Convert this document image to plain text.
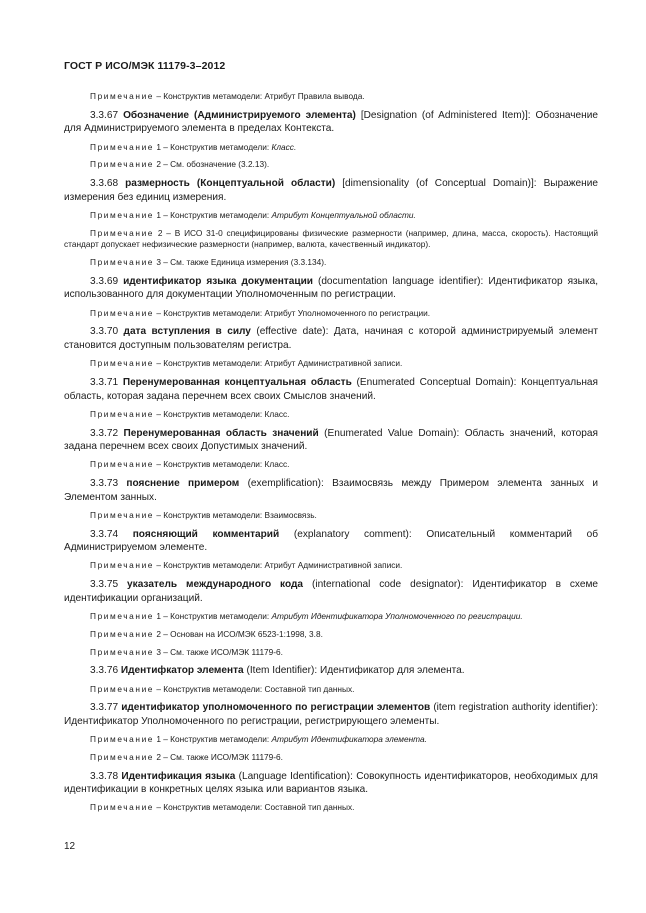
ГОСТ Р ИСО/МЭК 11179-3–2012

Примечание – Конструктив метамодели: Атрибут Правила вывода.

3.3.67 Обозначение (Администрируемого элемента) [Designation (of Administered Item)]: Обозначение для Администрируемого элемента в пределах Контекста.

Примечание 1 – Конструктив метамодели: Класс.

Примечание 2 – См. обозначение (3.2.13).

3.3.68 размерность (Концептуальной области) [dimensionality (of Conceptual Domain)]: Выражение измерения без единиц измерения.

Примечание 1 – Конструктив метамодели: Атрибут Концептуальной области.

Примечание 2 – В ИСО 31-0 специфицированы физические размерности (например, длина, масса, скорость). Настоящий стандарт допускает нефизические размерности (например, валюта, качественный индикатор).

Примечание 3 – См. также Единица измерения (3.3.134).

3.3.69 идентификатор языка документации (documentation language identifier): Идентификатор языка, использованного для документации Уполномоченным по регистрации.

Примечание – Конструктив метамодели: Атрибут Уполномоченного по регистрации.

3.3.70 дата вступления в силу (effective date): Дата, начиная с которой администрируемый элемент становится доступным пользователям регистра.

Примечание – Конструктив метамодели: Атрибут Административной записи.

3.3.71 Перенумерованная концептуальная область (Enumerated Conceptual Domain): Концептуальная область, которая задана перечнем всех своих Смыслов значений.

Примечание – Конструктив метамодели: Класс.

3.3.72 Перенумерованная область значений (Enumerated Value Domain): Область значений, которая задана перечнем всех своих Допустимых значений.

Примечание – Конструктив метамодели: Класс.

3.3.73 пояснение примером (exemplification): Взаимосвязь между Примером элемента занных и Элементом занных.

Примечание – Конструктив метамодели: Взаимосвязь.

3.3.74 поясняющий комментарий (explanatory comment): Описательный комментарий об Администрируемом элементе.

Примечание – Конструктив метамодели: Атрибут Административной записи.

3.3.75 указатель международного кода (international code designator): Идентификатор в схеме идентификации организаций.

Примечание 1 – Конструктив метамодели: Атрибут Идентификатора Уполномоченного по регистрации.

Примечание 2 – Основан на ИСО/МЭК 6523-1:1998, 3.8.

Примечание 3 – См. также ИСО/МЭК 11179-6.

3.3.76 Идентифкатор элемента (Item Identifier): Идентификатор для элемента.

Примечание – Конструктив метамодели: Составной тип данных.

3.3.77 идентификатор уполномоченного по регистрации элементов (item registration authority identifier): Идентификатор Уполномоченного по регистрации, регистрирующего элементы.

Примечание 1 – Конструктив метамодели: Атрибут Идентификатора элемента.

Примечание 2 – См. также ИСО/МЭК 11179-6.

3.3.78 Идентификация языка (Language Identification): Совокупность идентификаторов, необходимых для идентификации в конкретных целях языка или вариантов языка.

Примечание – Конструктив метамодели: Составной тип данных.

12
